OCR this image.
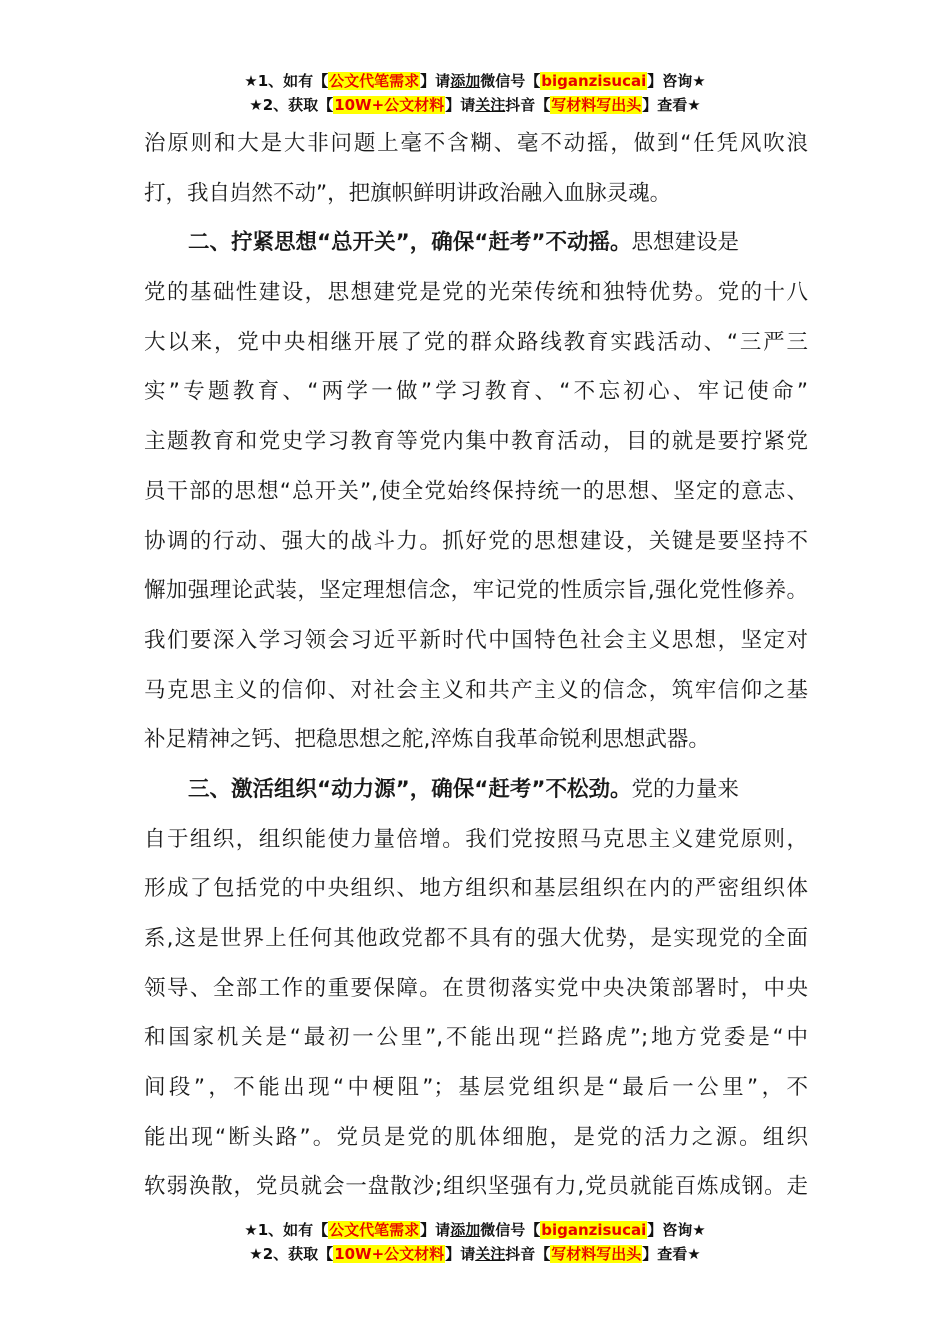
★1、如有【公文代笔需求】请添加微信号【biganzisucai】咨询★
★2、获取【10W+公文材料】请关注抖音【写材料写出头】查看★
治原则和大是大非问题上毫不含糊、毫不动摇，做到“任凭风吹浪
打，我自岿然不动”，把旗帜鲜明讲政治融入血脉灵魂。
二、拧紧思想“总开关”，确保“赶考”不动摇。思想建设是
党的基础性建设，思想建党是党的光荣传统和独特优势。党的十八
大以来，党中央相继开展了党的群众路线教育实践活动、“三严三
实”专题教育、“两学一做”学习教育、“不忘初心、牢记使命”
主题教育和党史学习教育等党内集中教育活动，目的就是要拧紧党
员干部的思想“总开关”,使全党始终保持统一的思想、坚定的意志、
协调的行动、强大的战斗力。抓好党的思想建设，关键是要坚持不
懈加强理论武装，坚定理想信念，牢记党的性质宗旨,强化党性修养。
我们要深入学习领会习近平新时代中国特色社会主义思想，坚定对
马克思主义的信仰、对社会主义和共产主义的信念，筑牢信仰之基
补足精神之钙、把稳思想之舵,淬炼自我革命锐利思想武器。
三、激活组织“动力源”，确保“赶考”不松劲。党的力量来
自于组织，组织能使力量倍增。我们党按照马克思主义建党原则，
形成了包括党的中央组织、地方组织和基层组织在内的严密组织体
系,这是世界上任何其他政党都不具有的强大优势，是实现党的全面
领导、全部工作的重要保障。在贯彻落实党中央决策部署时，中央
和国家机关是“最初一公里”,不能出现“拦路虎”;地方党委是“中
间段”，不能出现“中梗阻”；基层党组织是“最后一公里”，不
能出现“断头路”。党员是党的肌体细胞，是党的活力之源。组织
软弱涣散，党员就会一盘散沙;组织坚强有力,党员就能百炼成钢。走
★1、如有【公文代笔需求】请添加微信号【biganzisucai】咨询★
★2、获取【10W+公文材料】请关注抖音【写材料写出头】查看★
